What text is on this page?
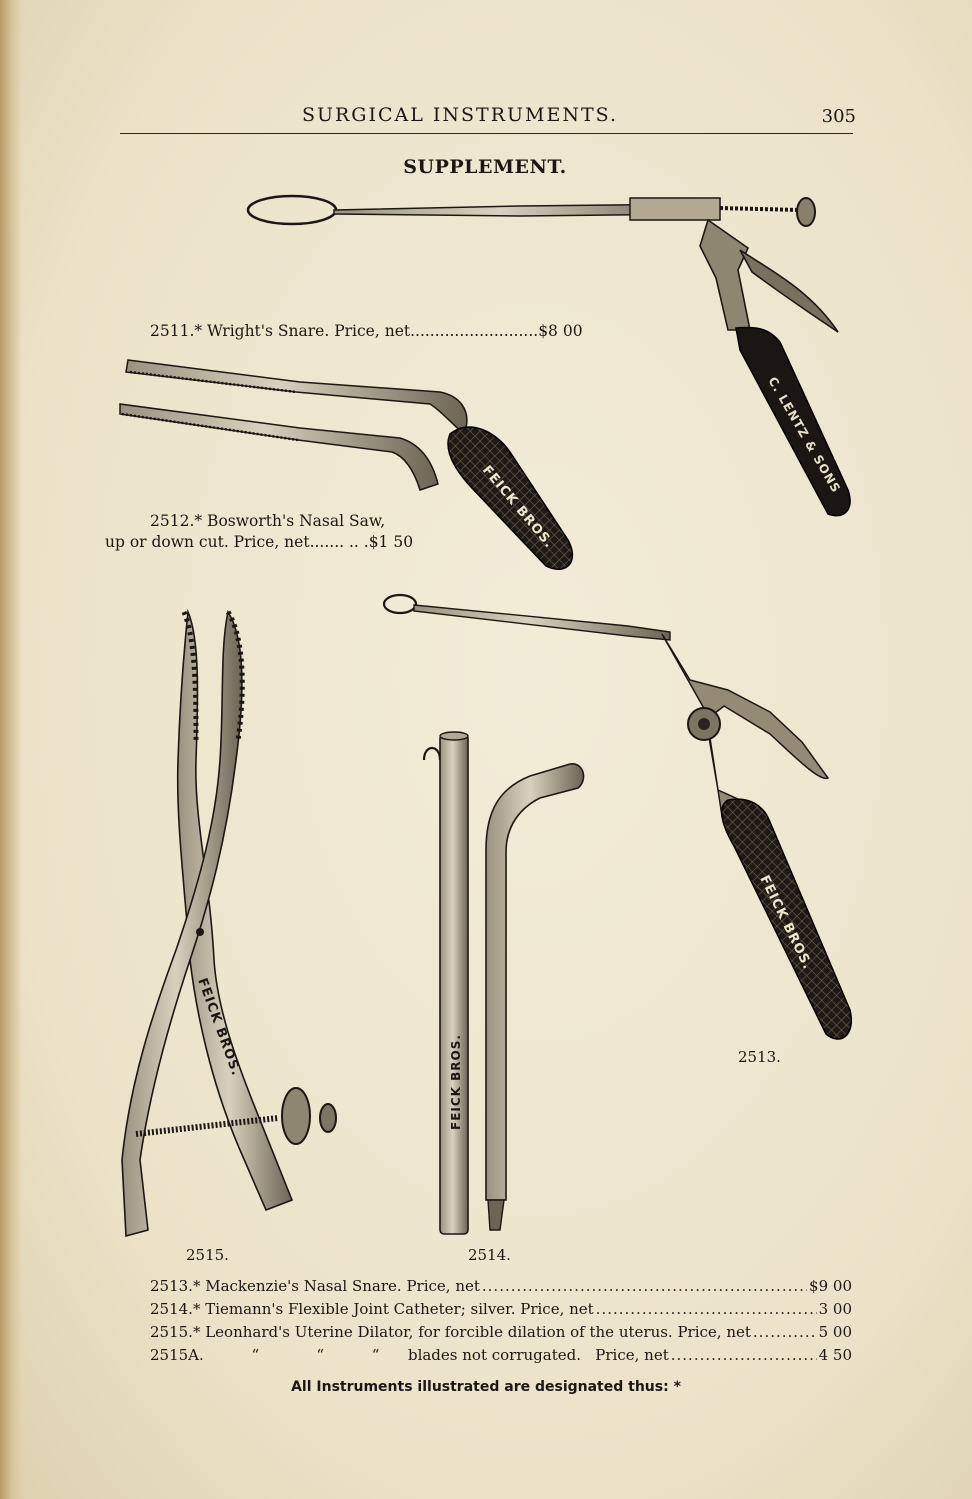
SURGICAL INSTRUMENTS.	305
SUPPLEMENT.
C. LENTZ & SONS
FEICK BROS.
FEICK BROS.
FEICK BROS.
FEICK BROS.
2511.* Wright's Snare. Price, net..........................$8 00
2512.* Bosworth's Nasal Saw,
up or down cut. Price, net....... .. .$1 50
2513.
2514.
2515.
2513.* Mackenzie's Nasal Snare. Price, net .....	$9 00
2514.* Tiemann's Flexible Joint Catheter; silver. Price, net .....	3 00
2515.* Leonhard's Uterine Dilator, for forcible dilation of the uterus. Price, net .....	5 00
2515A.          “            “          “      blades not corrugated.   Price, net .....	4 50
All Instruments illustrated are designated thus: *
